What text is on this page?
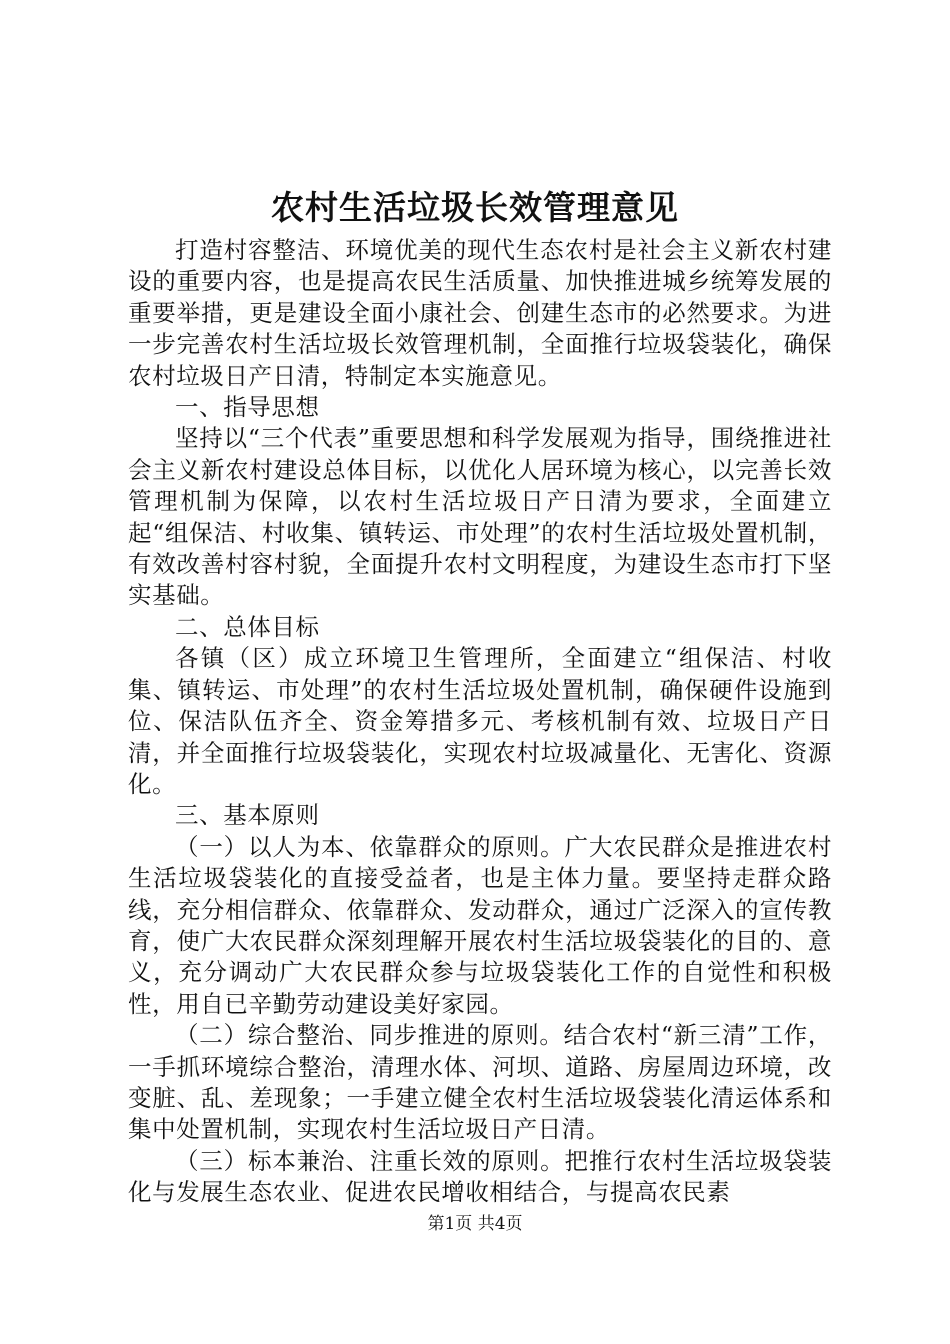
农村生活垃圾长效管理意见

打造村容整洁、环境优美的现代生态农村是社会主义新农村建设的重要内容，也是提高农民生活质量、加快推进城乡统筹发展的重要举措，更是建设全面小康社会、创建生态市的必然要求。为进一步完善农村生活垃圾长效管理机制，全面推行垃圾袋装化，确保农村垃圾日产日清，特制定本实施意见。

一、指导思想

坚持以“三个代表”重要思想和科学发展观为指导，围绕推进社会主义新农村建设总体目标，以优化人居环境为核心，以完善长效管理机制为保障，以农村生活垃圾日产日清为要求，全面建立起“组保洁、村收集、镇转运、市处理”的农村生活垃圾处置机制，有效改善村容村貌，全面提升农村文明程度，为建设生态市打下坚实基础。

二、总体目标

各镇（区）成立环境卫生管理所，全面建立“组保洁、村收集、镇转运、市处理”的农村生活垃圾处置机制，确保硬件设施到位、保洁队伍齐全、资金筹措多元、考核机制有效、垃圾日产日清，并全面推行垃圾袋装化，实现农村垃圾减量化、无害化、资源化。

三、基本原则

（一）以人为本、依靠群众的原则。广大农民群众是推进农村生活垃圾袋装化的直接受益者，也是主体力量。要坚持走群众路线，充分相信群众、依靠群众、发动群众，通过广泛深入的宣传教育，使广大农民群众深刻理解开展农村生活垃圾袋装化的目的、意义，充分调动广大农民群众参与垃圾袋装化工作的自觉性和积极性，用自已辛勤劳动建设美好家园。

（二）综合整治、同步推进的原则。结合农村“新三清”工作，一手抓环境综合整治，清理水体、河坝、道路、房屋周边环境，改变脏、乱、差现象；一手建立健全农村生活垃圾袋装化清运体系和集中处置机制，实现农村生活垃圾日产日清。

（三）标本兼治、注重长效的原则。把推行农村生活垃圾袋装化与发展生态农业、促进农民增收相结合，与提高农民素

第1页 共4页
